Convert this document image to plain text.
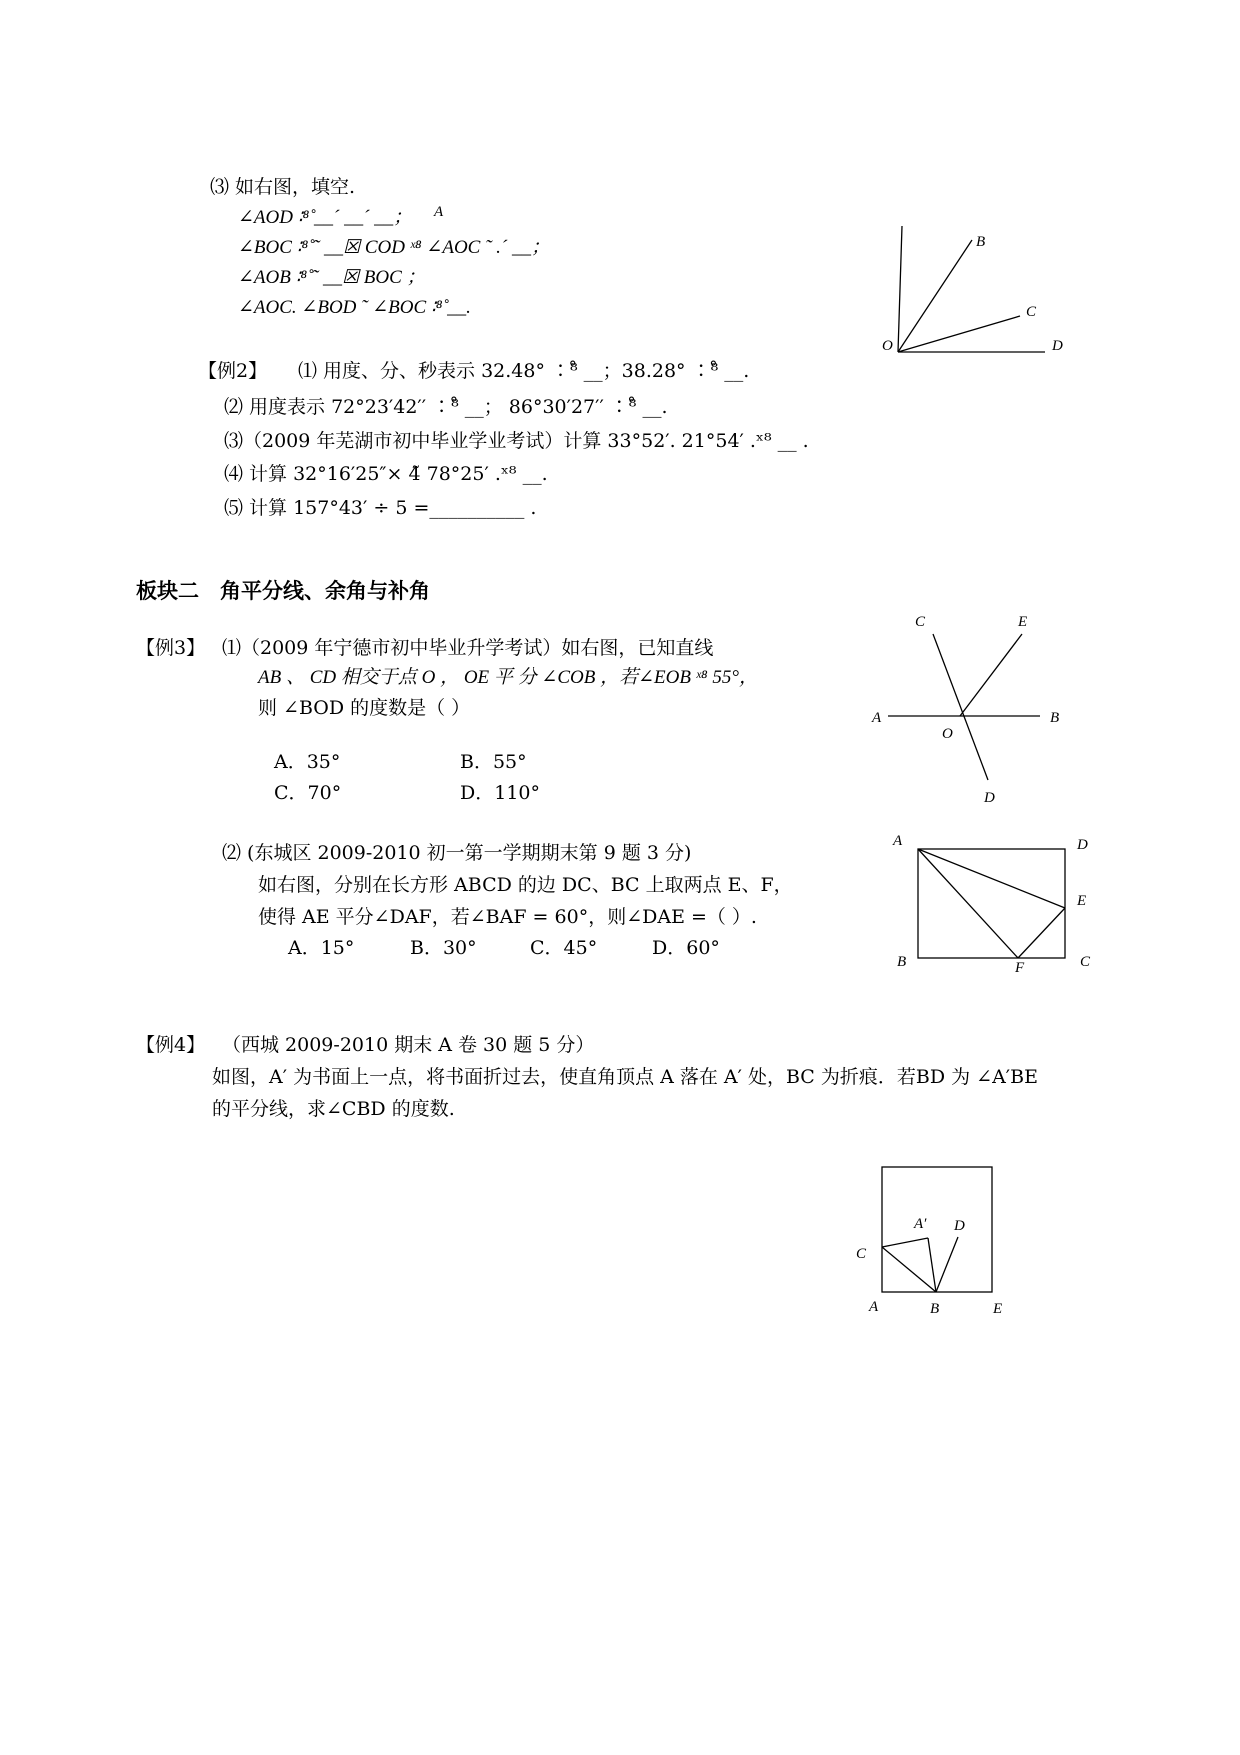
⑶ 如右图，填空.
∠AOD ∶⁸̊ __´ __´ __；
∠BOC ∶⁸̊ ˜ __☒ COD ˣ⁸ ∠AOC ˜ .´ __；
∠AOB ∶⁸̊ ˜ __☒ BOC ；
∠AOC. ∠BOD ˜ ∠BOC ∶⁸̊ __.
A
B
C
D
O
【例2】 ⑴ 用度、分、秒表示 32.48° ∶⁸̊ __；38.28° ∶⁸̊ __.
⑵ 用度表示 72°23′42′′ ∶⁸̊ __； 86°30′27′′ ∶⁸̊ __.
⑶（2009 年芜湖市初中毕业学业考试）计算 33°52′. 21°54′ .ˣ⁸ __ .
⑷ 计算 32°16′25″× 4̃ 78°25′ .ˣ⁸ __.
⑸ 计算 157°43′ ÷ 5 =__________ .
板块二　角平分线、余角与补角
【例3】 ⑴（2009 年宁德市初中毕业升学考试）如右图，已知直线
AB 、 CD 相交于点 O ， OE 平 分 ∠COB ，若∠EOB ˣ⁸ 55°，
则 ∠BOD 的度数是（ ）
A．35°	B．55°
C．70°	D．110°
C	E
A	B
O
D
⑵ (东城区 2009-2010 初一第一学期期末第 9 题 3 分)
如右图，分别在长方形 ABCD 的边 DC、BC 上取两点 E、F，
使得 AE 平分∠DAF，若∠BAF = 60°，则∠DAE =（ ）.
A．15°	B．30°	C．45°	D．60°
A	D
E
B	F	C
【例4】 （西城 2009-2010 期末 A 卷 30 题 5 分）
如图，A′ 为书面上一点，将书面折过去，使直角顶点 A 落在 A′ 处，BC 为折痕．若BD 为 ∠A′BE
的平分线，求∠CBD 的度数.
A′ D
C
A	B	E
